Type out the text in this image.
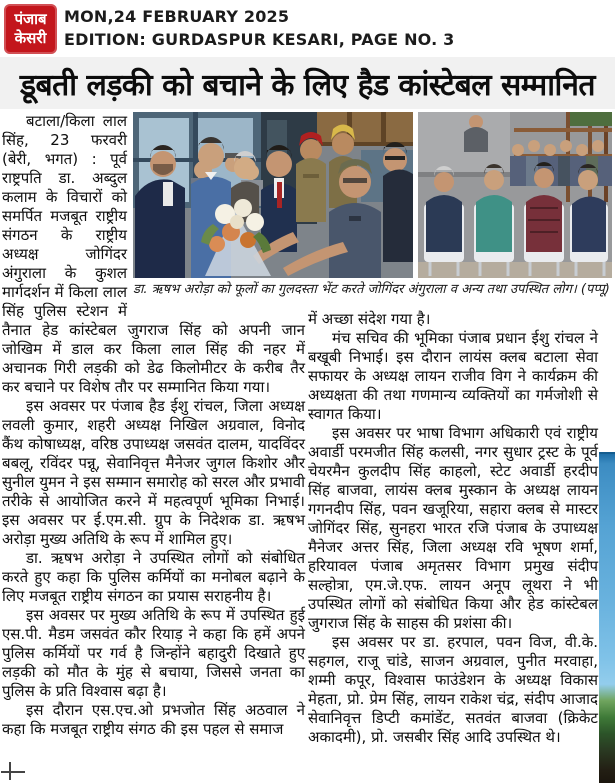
पंजाब
केसरी
MON,24 FEBRUARY 2025
EDITION: GURDASPUR KESARI, PAGE NO. 3
डूबती लड़की को बचाने के लिए हैड कांस्टेबल सम्मानित
डा. ऋषभ अरोड़ा को फूलों का गुलदस्ता भेंट करते जोगिंदर अंगुराला व अन्य तथा उपस्थित लोग। (पप्पू)

बटाला/किला लाल सिंह, 23 फरवरी (बेरी, भगत) : पूर्व राष्ट्रपति डा. अब्दुल कलाम के विचारों को समर्पित मजबूत राष्ट्रीय संगठन के राष्ट्रीय अध्यक्ष जोगिंदर अंगुराला के कुशल मार्गदर्शन में किला लाल सिंह पुलिस स्टेशन में तैनात हेड कांस्टेबल जुगराज सिंह को अपनी जान जोखिम में डाल कर किला लाल सिंह की नहर में अचानक गिरी लड़की को डेढ किलोमीटर के करीब तैर कर बचाने पर विशेष तौर पर सम्मानित किया गया।

इस अवसर पर पंजाब हैड ईशु रांचल, जिला अध्यक्ष लवली कुमार, शहरी अध्यक्ष निखिल अग्रवाल, विनोद कैंथ कोषाध्यक्ष, वरिष्ठ उपाध्यक्ष जसवंत दालम, यादविंदर बबलू, रविंदर पन्नू, सेवानिवृत्त मैनेजर जुगल किशोर और सुनील युमन ने इस सम्मान समारोह को सरल और प्रभावी तरीके से आयोजित करने में महत्वपूर्ण भूमिका निभाई। इस अवसर पर ई.एम.सी. ग्रुप के निदेशक डा. ऋषभ अरोड़ा मुख्य अतिथि के रूप में शामिल हुए।

डा. ऋषभ अरोड़ा ने उपस्थित लोगों को संबोधित करते हुए कहा कि पुलिस कर्मियों का मनोबल बढ़ाने के लिए मजबूत राष्ट्रीय संगठन का प्रयास सराहनीय है।

इस अवसर पर मुख्य अतिथि के रूप में उपस्थित हुई एस.पी. मैडम जसवंत कौर रियाड़ ने कहा कि हमें अपने पुलिस कर्मियों पर गर्व है जिन्होंने बहादुरी दिखाते हुए लड़की को मौत के मुंह से बचाया, जिससे जनता का पुलिस के प्रति विश्वास बढ़ा है।

इस दौरान एस.एच.ओ प्रभजोत सिंह अठवाल ने कहा कि मजबूत राष्ट्रीय संगठ की इस पहल से समाज

में अच्छा संदेश गया है।

मंच सचिव की भूमिका पंजाब प्रधान ईशु रांचल ने बखूबी निभाई। इस दौरान लायंस क्लब बटाला सेवा सफायर के अध्यक्ष लायन राजीव विग ने कार्यक्रम की अध्यक्षता की तथा गणमान्य व्यक्तियों का गर्मजोशी से स्वागत किया।

इस अवसर पर भाषा विभाग अधिकारी एवं राष्ट्रीय अवार्डी परमजीत सिंह कलसी, नगर सुधार ट्रस्ट के पूर्व चेयरमैन कुलदीप सिंह काहलो, स्टेट अवार्डी हरदीप सिंह बाजवा, लायंस क्लब मुस्कान के अध्यक्ष लायन गगनदीप सिंह, पवन खजूरिया, सहारा क्लब से मास्टर जोगिंदर सिंह, सुनहरा भारत रजि पंजाब के उपाध्यक्ष मैनेजर अत्तर सिंह, जिला अध्यक्ष रवि भूषण शर्मा, हरियावल पंजाब अमृतसर विभाग प्रमुख संदीप सल्होत्रा, एम.जे.एफ. लायन अनूप लूथरा ने भी उपस्थित लोगों को संबोधित किया और हेड कांस्टेबल जुगराज सिंह के साहस की प्रशंसा की।

इस अवसर पर डा. हरपाल, पवन विज, वी.के. सहगल, राजू चांडे, साजन अग्रवाल, पुनीत मरवाहा, शम्मी कपूर, विश्वास फाउंडेशन के अध्यक्ष विकास मेहता, प्रो. प्रेम सिंह, लायन राकेश चंद्र, संदीप आजाद सेवानिवृत्त डिप्टी कमांडेंट, सतवंत बाजवा (क्रिकेट अकादमी), प्रो. जसबीर सिंह आदि उपस्थित थे।
